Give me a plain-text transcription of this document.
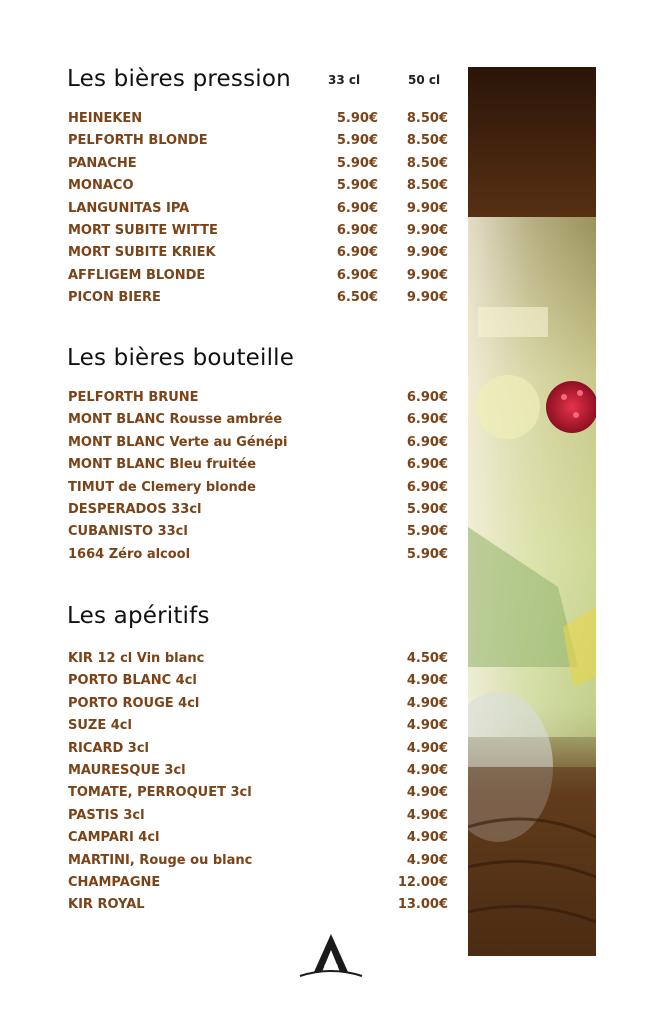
Les bières pression	33 cl	50 cl
HEINEKEN	5.90€ 8.50€
PELFORTH BLONDE	5.90€ 8.50€
PANACHE	5.90€ 8.50€
MONACO	5.90€ 8.50€
LANGUNITAS IPA	6.90€ 9.90€
MORT SUBITE WITTE	6.90€ 9.90€
MORT SUBITE KRIEK	6.90€ 9.90€
AFFLIGEM BLONDE	6.90€ 9.90€
PICON BIERE	6.50€ 9.90€
Les bières bouteille
PELFORTH BRUNE	6.90€
MONT BLANC Rousse ambrée	6.90€
MONT BLANC Verte au Génépi	6.90€
MONT BLANC Bleu fruitée	6.90€
TIMUT de Clemery blonde	6.90€
DESPERADOS 33cl	5.90€
CUBANISTO 33cl	5.90€
1664 Zéro alcool	5.90€
Les apéritifs
KIR 12 cl Vin blanc	4.50€
PORTO BLANC 4cl	4.90€
PORTO ROUGE 4cl	4.90€
SUZE 4cl	4.90€
RICARD 3cl	4.90€
MAURESQUE 3cl	4.90€
TOMATE, PERROQUET 3cl	4.90€
PASTIS 3cl	4.90€
CAMPARI 4cl	4.90€
MARTINI, Rouge ou blanc	4.90€
CHAMPAGNE	12.00€
KIR ROYAL	13.00€
